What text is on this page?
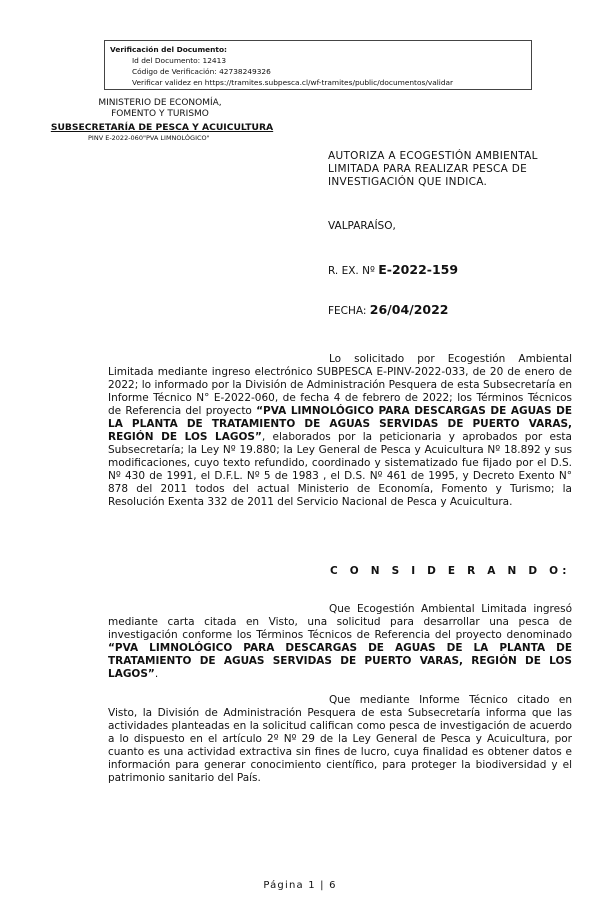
Verificación del Documento:
• Id del Documento: 12413
• Código de Verificación: 42738249326
• Verificar validez en https://tramites.subpesca.cl/wf-tramites/public/documentos/validar
MINISTERIO DE ECONOMÍA,
FOMENTO Y TURISMO
SUBSECRETARÍA DE PESCA Y ACUICULTURA
PINV E-2022-060"PVA LIMNOLÓGICO"
AUTORIZA A ECOGESTIÓN AMBIENTAL LIMITADA PARA REALIZAR PESCA DE INVESTIGACIÓN QUE INDICA.
VALPARAÍSO,
R. EX. Nº E-2022-159
FECHA: 26/04/2022

Lo solicitado por Ecogestión Ambiental Limitada mediante ingreso electrónico SUBPESCA E-PINV-2022-033, de 20 de enero de 2022; lo informado por la División de Administración Pesquera de esta Subsecretaría en Informe Técnico N° E-2022-060, de fecha 4 de febrero de 2022; los Términos Técnicos de Referencia del proyecto “PVA LIMNOLÓGICO PARA DESCARGAS DE AGUAS DE LA PLANTA DE TRATAMIENTO DE AGUAS SERVIDAS DE PUERTO VARAS, REGIÓN DE LOS LAGOS”, elaborados por la peticionaria y aprobados por esta Subsecretaría; la Ley Nº 19.880; la Ley General de Pesca y Acuicultura Nº 18.892 y sus modificaciones, cuyo texto refundido, coordinado y sistematizado fue fijado por el D.S. Nº 430 de 1991, el D.F.L. Nº 5 de 1983 , el D.S. Nº 461 de 1995, y Decreto Exento N° 878 del 2011 todos del actual Ministerio de Economía, Fomento y Turismo; la Resolución Exenta 332 de 2011 del Servicio Nacional de Pesca y Acuicultura.

C O N S I D E R A N D O:

Que Ecogestión Ambiental Limitada ingresó mediante carta citada en Visto, una solicitud para desarrollar una pesca de investigación conforme los Términos Técnicos de Referencia del proyecto denominado “PVA LIMNOLÓGICO PARA DESCARGAS DE AGUAS DE LA PLANTA DE TRATAMIENTO DE AGUAS SERVIDAS DE PUERTO VARAS, REGIÓN DE LOS LAGOS”.

Que mediante Informe Técnico citado en Visto, la División de Administración Pesquera de esta Subsecretaría informa que las actividades planteadas en la solicitud califican como pesca de investigación de acuerdo a lo dispuesto en el artículo 2º Nº 29 de la Ley General de Pesca y Acuicultura, por cuanto es una actividad extractiva sin fines de lucro, cuya finalidad es obtener datos e información para generar conocimiento científico, para proteger la biodiversidad y el patrimonio sanitario del País.

Página 1 | 6
